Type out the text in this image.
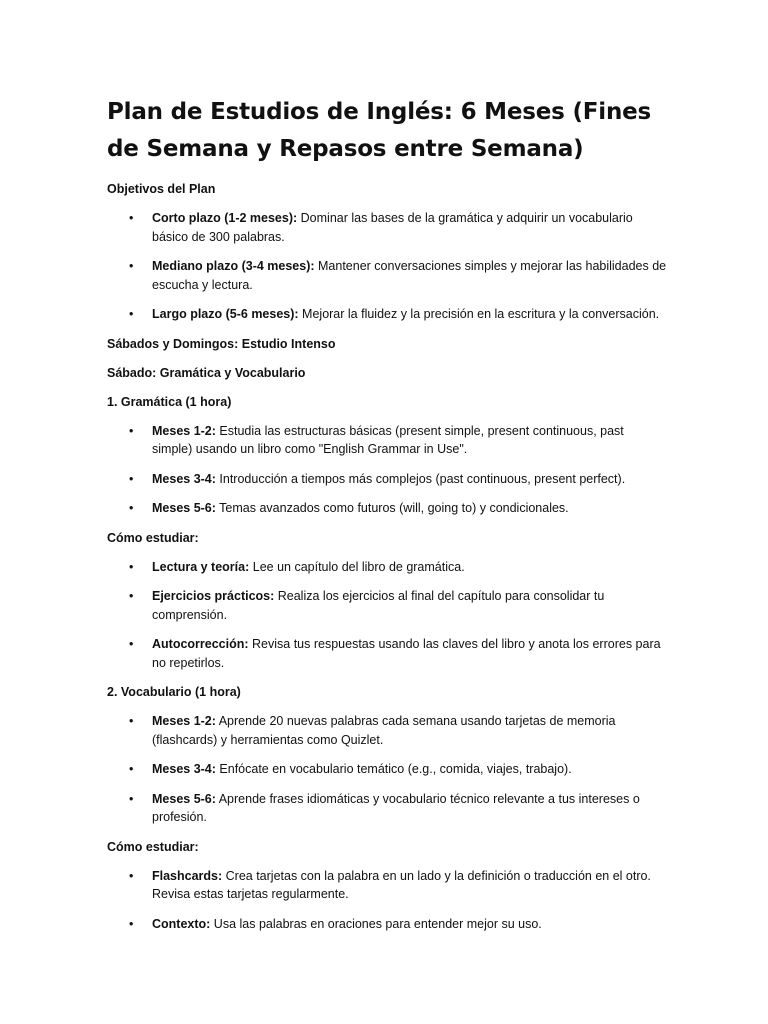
Plan de Estudios de Inglés: 6 Meses (Fines de Semana y Repasos entre Semana)
Objetivos del Plan
• Corto plazo (1-2 meses): Dominar las bases de la gramática y adquirir un vocabulario básico de 300 palabras.
• Mediano plazo (3-4 meses): Mantener conversaciones simples y mejorar las habilidades de escucha y lectura.
• Largo plazo (5-6 meses): Mejorar la fluidez y la precisión en la escritura y la conversación.
Sábados y Domingos: Estudio Intenso
Sábado: Gramática y Vocabulario
1. Gramática (1 hora)
• Meses 1-2: Estudia las estructuras básicas (present simple, present continuous, past simple) usando un libro como "English Grammar in Use".
• Meses 3-4: Introducción a tiempos más complejos (past continuous, present perfect).
• Meses 5-6: Temas avanzados como futuros (will, going to) y condicionales.
Cómo estudiar:
• Lectura y teoría: Lee un capítulo del libro de gramática.
• Ejercicios prácticos: Realiza los ejercicios al final del capítulo para consolidar tu comprensión.
• Autocorrección: Revisa tus respuestas usando las claves del libro y anota los errores para no repetirlos.
2. Vocabulario (1 hora)
• Meses 1-2: Aprende 20 nuevas palabras cada semana usando tarjetas de memoria (flashcards) y herramientas como Quizlet.
• Meses 3-4: Enfócate en vocabulario temático (e.g., comida, viajes, trabajo).
• Meses 5-6: Aprende frases idiomáticas y vocabulario técnico relevante a tus intereses o profesión.
Cómo estudiar:
• Flashcards: Crea tarjetas con la palabra en un lado y la definición o traducción en el otro. Revisa estas tarjetas regularmente.
• Contexto: Usa las palabras en oraciones para entender mejor su uso.
